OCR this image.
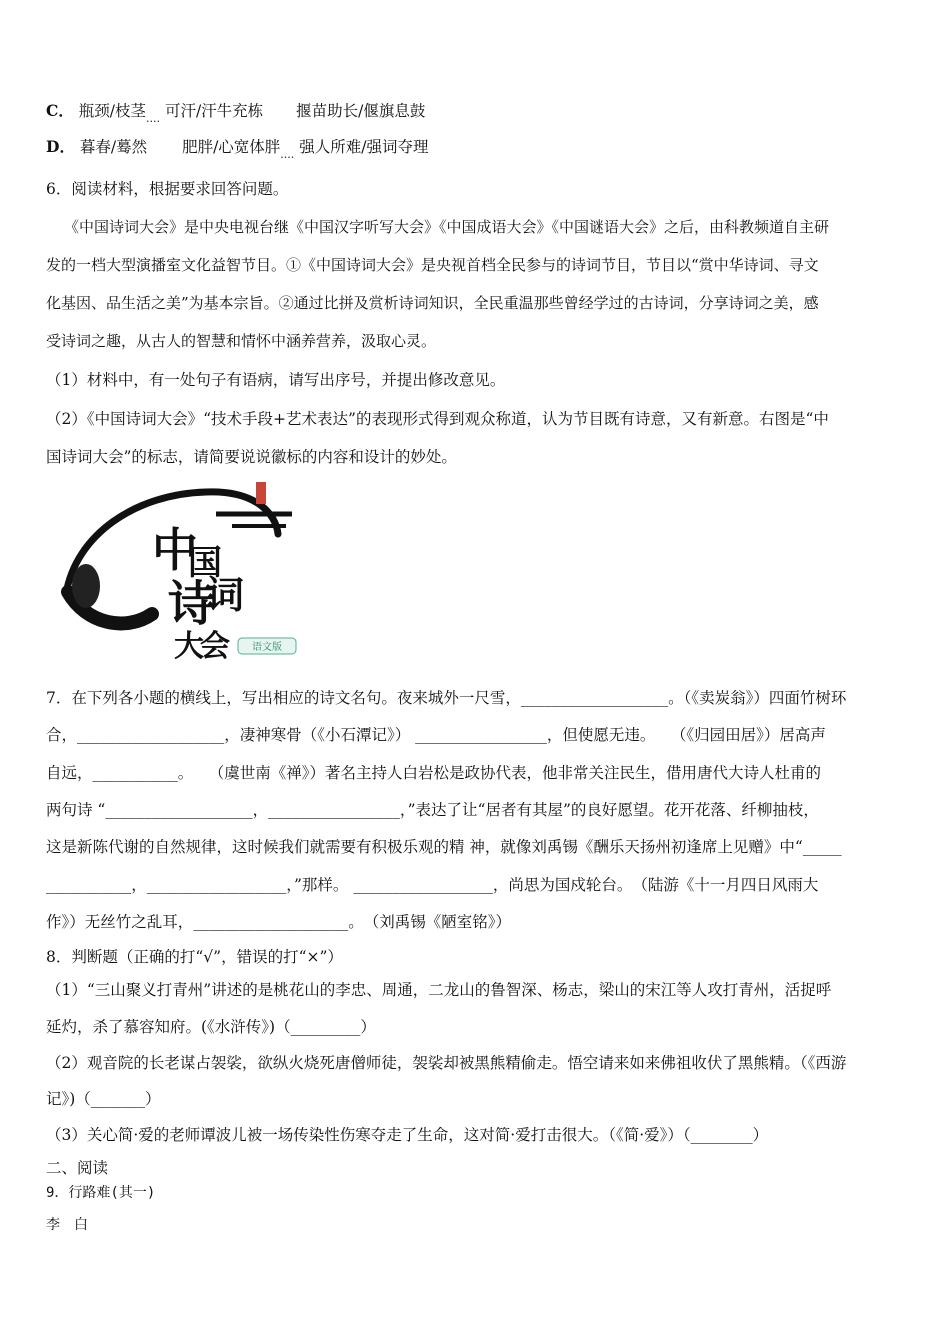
C． 瓶颈/枝茎$_{....}$ 可汗/汗牛充栋 揠苗助长/偃旗息鼓
D． 暮春/蓦然 肥胖/心宽体胖$_{....}$ 强人所难/强词夺理
6．阅读材料，根据要求回答问题。
《中国诗词大会》是中央电视台继《中国汉字听写大会》《中国成语大会》《中国谜语大会》之后，由科教频道自主研
发的一档大型演播室文化益智节目。①《中国诗词大会》是央视首档全民参与的诗词节目，节目以“赏中华诗词、寻文
化基因、品生活之美”为基本宗旨。②通过比拼及赏析诗词知识，全民重温那些曾经学过的古诗词，分享诗词之美，感
受诗词之趣，从古人的智慧和情怀中涵养营养，汲取心灵。
（1）材料中，有一处句子有语病，请写出序号，并提出修改意见。
（2）《中国诗词大会》“技术手段+艺术表达”的表现形式得到观众称道，认为节目既有诗意，又有新意。右图是“中
国诗词大会”的标志，请简要说说徽标的内容和设计的妙处。
中
国
诗
词
大
会 语文版
7．在下列各小题的横线上，写出相应的诗文名句。夜来城外一尺雪，___________________。（《卖炭翁》）四面竹树环
合，___________________，凄神寒骨（《小石潭记》） _________________，但使愿无违。　　（《归园田居》）居高声
自远，___________。　　（虞世南《禅》）著名主持人白岩松是政协代表，他非常关注民生，借用唐代大诗人杜甫的
两句诗 “___________________，_________________，”表达了让“居者有其屋”的良好愿望。花开花落、纤柳抽枝，
这是新陈代谢的自然规律，这时候我们就需要有积极乐观的精 神，就像刘禹锡《酬乐天扬州初逢席上见赠》中“_____
___________，__________________，”那样。 __________________，尚思为国戍轮台。　（陆游《十一月四日风雨大
作》）无丝竹之乱耳，____________________。　（刘禹锡《陋室铭》）
8．判断题（正确的打“√”，错误的打“×”）
（1）“三山聚义打青州”讲述的是桃花山的李忠、周通，二龙山的鲁智深、杨志，梁山的宋江等人攻打青州，活捉呼
延灼，杀了慕容知府。(《水浒传》)（_________）
（2）观音院的长老谋占袈裟，欲纵火烧死唐僧师徒，袈裟却被黑熊精偷走。悟空请来如来佛祖收伏了黑熊精。（《西游
记》)（_______）
（3）关心简·爱的老师谭波儿被一场传染性伤寒夺走了生命，这对简·爱打击很大。（《简·爱》）（________）
二、阅读
9．行路难(其一)
李　白
